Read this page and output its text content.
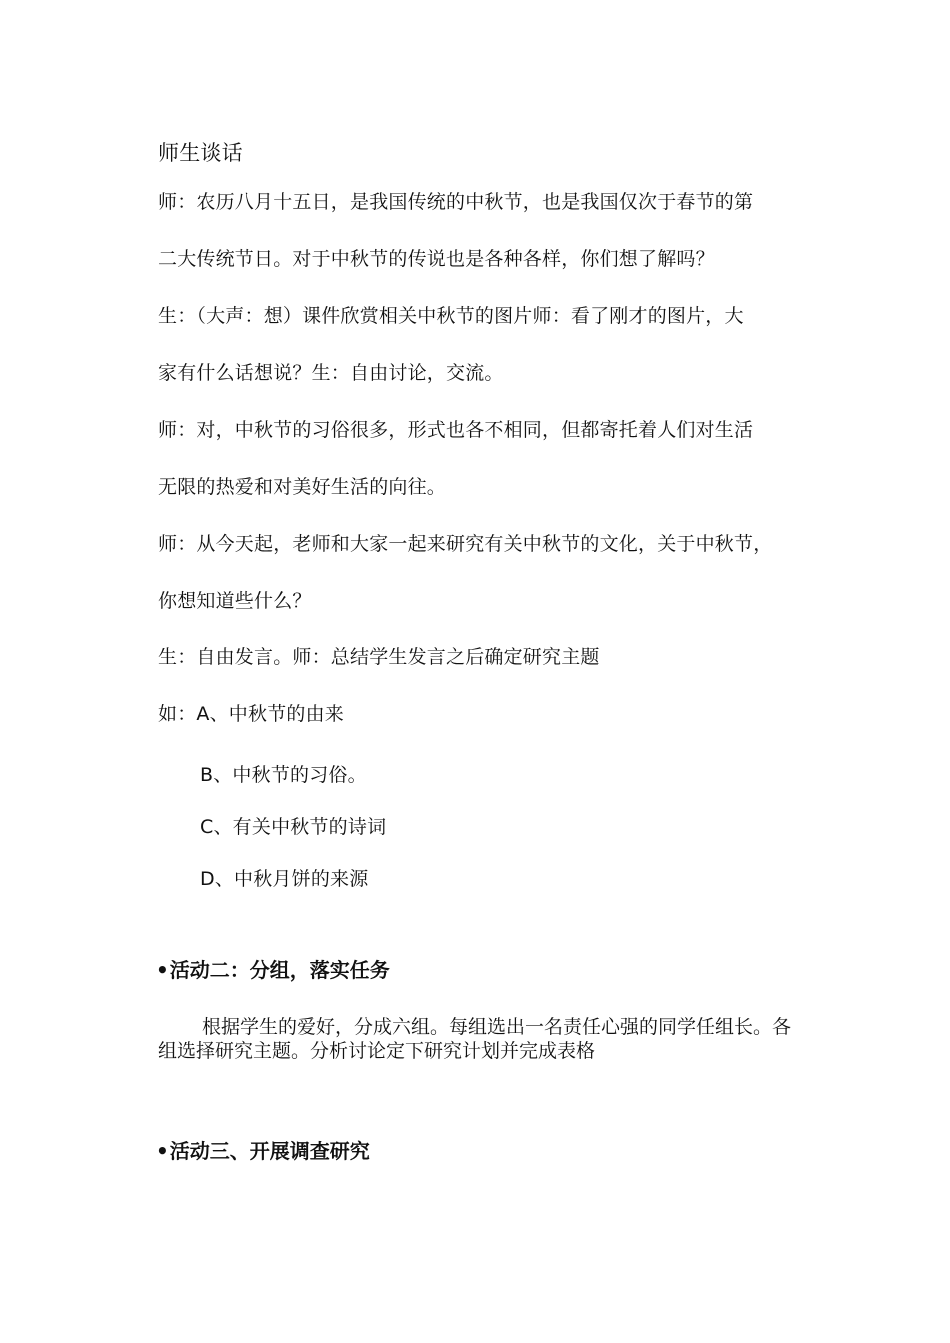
师生谈话
师：农历八月十五日，是我国传统的中秋节，也是我国仅次于春节的第
二大传统节日。对于中秋节的传说也是各种各样，你们想了解吗？
生：（大声：想）课件欣赏相关中秋节的图片师：看了刚才的图片，大
家有什么话想说？生：自由讨论，交流。
师：对，中秋节的习俗很多，形式也各不相同，但都寄托着人们对生活
无限的热爱和对美好生活的向往。
师：从今天起，老师和大家一起来研究有关中秋节的文化，关于中秋节，
你想知道些什么？
生：自由发言。师：总结学生发言之后确定研究主题
如：A、中秋节的由来
B、中秋节的习俗。
C、有关中秋节的诗词
D、中秋月饼的来源
•活动二：分组，落实任务
根据学生的爱好，分成六组。每组选出一名责任心强的同学任组长。各组选择研究主题。分析讨论定下研究计划并完成表格
•活动三、开展调查研究
